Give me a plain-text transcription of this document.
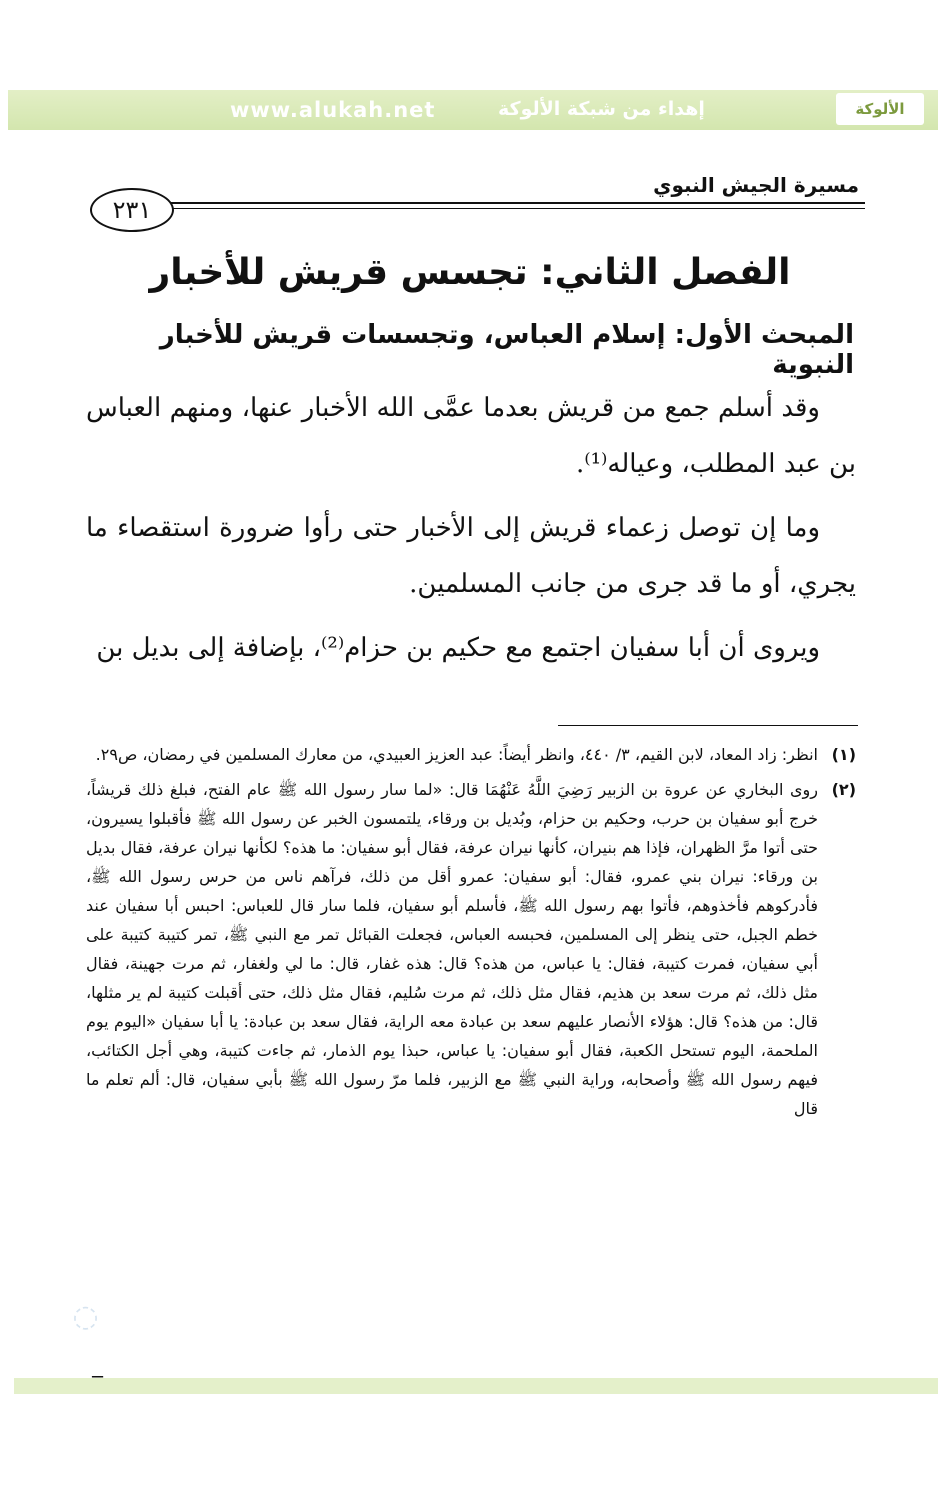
www.alukah.net	إهداء من شبكة الألوكة	الألوكة
مسيرة الجيش النبوي
٢٣١
الفصل الثاني: تجسس قريش للأخبار
المبحث الأول: إسلام العباس، وتجسسات قريش للأخبار النبوية

وقد أسلم جمع من قريش بعدما عمَّى الله الأخبار عنها، ومنهم العباس بن عبد المطلب، وعياله⁽¹⁾.

وما إن توصل زعماء قريش إلى الأخبار حتى رأوا ضرورة استقصاء ما يجري، أو ما قد جرى من جانب المسلمين.

ويروى أن أبا سفيان اجتمع مع حكيم بن حزام⁽²⁾، بإضافة إلى بديل بن

(١)
انظر: زاد المعاد، لابن القيم، ٣/ ٤٤٠، وانظر أيضاً: عبد العزيز العبيدي، من معارك المسلمين في رمضان، ص٢٩.
(٢)
روى البخاري عن عروة بن الزبير رَضِيَ اللَّهُ عَنْهُمَا قال: «لما سار رسول الله ﷺ عام الفتح، فبلغ ذلك قريشاً، خرج أبو سفيان بن حرب، وحكيم بن حزام، وبُديل بن ورقاء، يلتمسون الخبر عن رسول الله ﷺ فأقبلوا يسيرون، حتى أتوا مرَّ الظهران، فإذا هم بنيران، كأنها نيران عرفة، فقال أبو سفيان: ما هذه؟ لكأنها نيران عرفة، فقال بديل بن ورقاء: نيران بني عمرو، فقال: أبو سفيان: عمرو أقل من ذلك، فرآهم ناس من حرس رسول الله ﷺ، فأدركوهم فأخذوهم، فأتوا بهم رسول الله ﷺ، فأسلم أبو سفيان، فلما سار قال للعباس: احبس أبا سفيان عند خطم الجبل، حتى ينظر إلى المسلمين، فحبسه العباس، فجعلت القبائل تمر مع النبي ﷺ، تمر كتيبة كتيبة على أبي سفيان، فمرت كتيبة، فقال: يا عباس، من هذه؟ قال: هذه غفار، قال: ما لي ولغفار، ثم مرت جهينة، فقال مثل ذلك، ثم مرت سعد بن هذيم، فقال مثل ذلك، ثم مرت سُليم، فقال مثل ذلك، حتى أقبلت كتيبة لم ير مثلها، قال: من هذه؟ قال: هؤلاء الأنصار عليهم سعد بن عبادة معه الراية، فقال سعد بن عبادة: يا أبا سفيان «اليوم يوم الملحمة، اليوم تستحل الكعبة، فقال أبو سفيان: يا عباس، حبذا يوم الذمار، ثم جاءت كتيبة، وهي أجل الكتائب، فيهم رسول الله ﷺ وأصحابه، وراية النبي ﷺ مع الزبير، فلما مرّ رسول الله ﷺ بأبي سفيان، قال: ألم تعلم ما قال
◌
